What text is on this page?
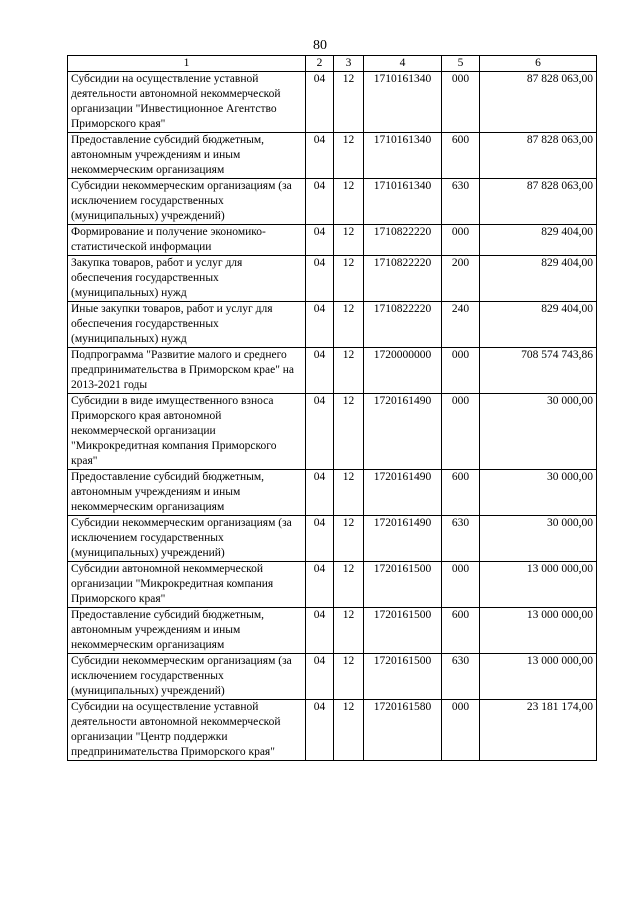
80
1	2	3	4	5	6
Субсидии на осуществление уставной деятельности автономной некоммерческой организации "Инвестиционное Агентство Приморского края"	04	12	1710161340	000	87 828 063,00
Предоставление субсидий бюджетным, автономным учреждениям и иным некоммерческим организациям	04	12	1710161340	600	87 828 063,00
Субсидии некоммерческим организациям (за исключением государственных (муниципальных) учреждений)	04	12	1710161340	630	87 828 063,00
Формирование и получение экономико-статистической информации	04	12	1710822220	000	829 404,00
Закупка товаров, работ и услуг для обеспечения государственных (муниципальных) нужд	04	12	1710822220	200	829 404,00
Иные закупки товаров, работ и услуг для обеспечения государственных (муниципальных) нужд	04	12	1710822220	240	829 404,00
Подпрограмма "Развитие малого и среднего предпринимательства в Приморском крае" на 2013-2021 годы	04	12	1720000000	000	708 574 743,86
Субсидии в виде имущественного взноса Приморского края автономной некоммерческой организации "Микрокредитная компания Приморского края"	04	12	1720161490	000	30 000,00
Предоставление субсидий бюджетным, автономным учреждениям и иным некоммерческим организациям	04	12	1720161490	600	30 000,00
Субсидии некоммерческим организациям (за исключением государственных (муниципальных) учреждений)	04	12	1720161490	630	30 000,00
Субсидии автономной некоммерческой организации "Микрокредитная компания Приморского края"	04	12	1720161500	000	13 000 000,00
Предоставление субсидий бюджетным, автономным учреждениям и иным некоммерческим организациям	04	12	1720161500	600	13 000 000,00
Субсидии некоммерческим организациям (за исключением государственных (муниципальных) учреждений)	04	12	1720161500	630	13 000 000,00
Субсидии на осуществление уставной деятельности автономной некоммерческой организации "Центр поддержки предпринимательства Приморского края"	04	12	1720161580	000	23 181 174,00
